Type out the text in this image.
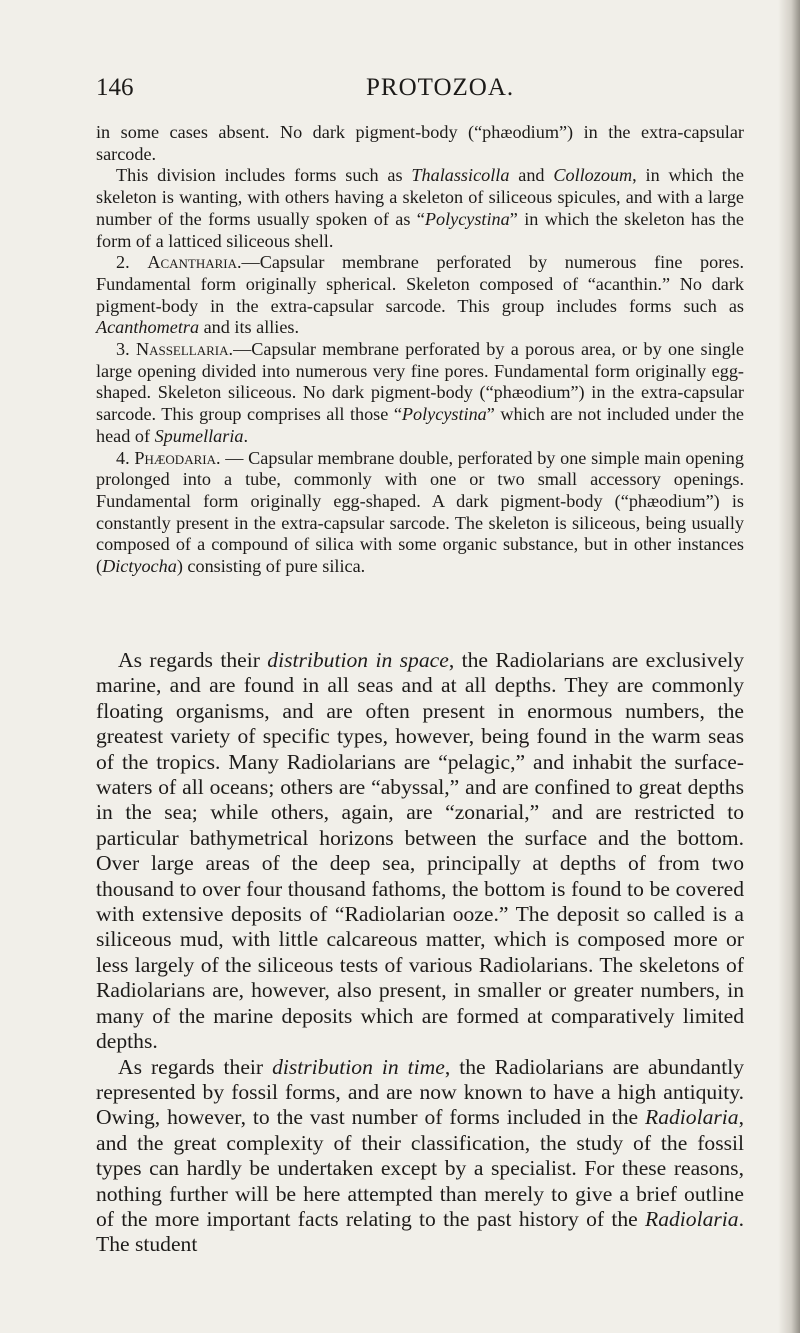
146	PROTOZOA.

in some cases absent. No dark pigment-body (“phæodium”) in the extra-capsular sarcode.

This division includes forms such as Thalassicolla and Collozoum, in which the skeleton is wanting, with others having a skeleton of siliceous spicules, and with a large number of the forms usually spoken of as “Polycystina” in which the skeleton has the form of a latticed siliceous shell.

2. Acantharia.—Capsular membrane perforated by numerous fine pores. Fundamental form originally spherical. Skeleton composed of “acanthin.” No dark pigment-body in the extra-capsular sarcode. This group includes forms such as Acanthometra and its allies.

3. Nassellaria.—Capsular membrane perforated by a porous area, or by one single large opening divided into numerous very fine pores. Fundamental form originally egg-shaped. Skeleton siliceous. No dark pigment-body (“phæodium”) in the extra-capsular sarcode. This group comprises all those “Polycystina” which are not included under the head of Spumellaria.

4. Phæodaria. — Capsular membrane double, perforated by one simple main opening prolonged into a tube, commonly with one or two small accessory openings. Fundamental form originally egg-shaped. A dark pigment-body (“phæodium”) is constantly present in the extra-capsular sarcode. The skeleton is siliceous, being usually composed of a compound of silica with some organic substance, but in other instances (Dictyocha) consisting of pure silica.

As regards their distribution in space, the Radiolarians are exclusively marine, and are found in all seas and at all depths. They are commonly floating organisms, and are often present in enormous numbers, the greatest variety of specific types, however, being found in the warm seas of the tropics. Many Radiolarians are “pelagic,” and inhabit the surface-waters of all oceans; others are “abyssal,” and are confined to great depths in the sea; while others, again, are “zonarial,” and are restricted to particular bathymetrical horizons between the surface and the bottom. Over large areas of the deep sea, principally at depths of from two thousand to over four thousand fathoms, the bottom is found to be covered with extensive deposits of “Radiolarian ooze.” The deposit so called is a siliceous mud, with little calcareous matter, which is composed more or less largely of the siliceous tests of various Radiolarians. The skeletons of Radiolarians are, however, also present, in smaller or greater numbers, in many of the marine deposits which are formed at comparatively limited depths.

As regards their distribution in time, the Radiolarians are abundantly represented by fossil forms, and are now known to have a high antiquity. Owing, however, to the vast number of forms included in the Radiolaria, and the great complexity of their classification, the study of the fossil types can hardly be undertaken except by a specialist. For these reasons, nothing further will be here attempted than merely to give a brief outline of the more important facts relating to the past history of the Radiolaria. The student
